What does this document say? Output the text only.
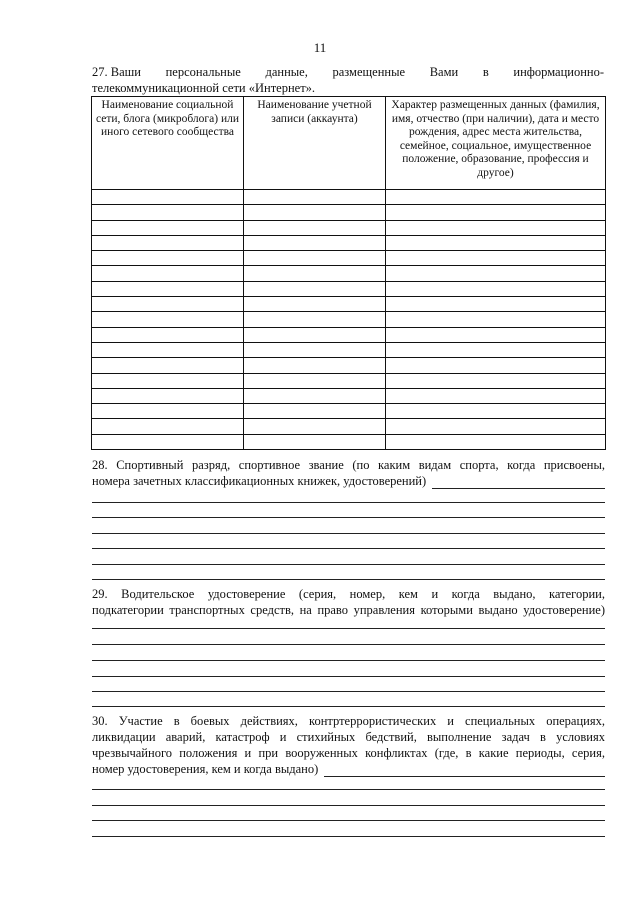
11
27. Ваши персональные данные, размещенные Вами в информационно-
телекоммуникационной сети «Интернет».
Наименование социальной сети, блога (микроблога) или иного сетевого сообщества	Наименование учетной записи (аккаунта)	Характер размещенных данных (фамилия, имя, отчество (при наличии), дата и место рождения, адрес места жительства, семейное, социальное, имущественное положение, образование, профессия и другое)

28. Спортивный разряд, спортивное звание (по каким видам спорта, когда присвоены,
номера зачетных классификационных книжек, удостоверений)
29. Водительское удостоверение (серия, номер, кем и когда выдано, категории,
подкатегории транспортных средств, на право управления которыми выдано удостоверение)
30. Участие в боевых действиях, контртеррористических и специальных операциях,
ликвидации аварий, катастроф и стихийных бедствий, выполнение задач в условиях
чрезвычайного положения и при вооруженных конфликтах (где, в какие периоды, серия,
номер удостоверения, кем и когда выдано)
